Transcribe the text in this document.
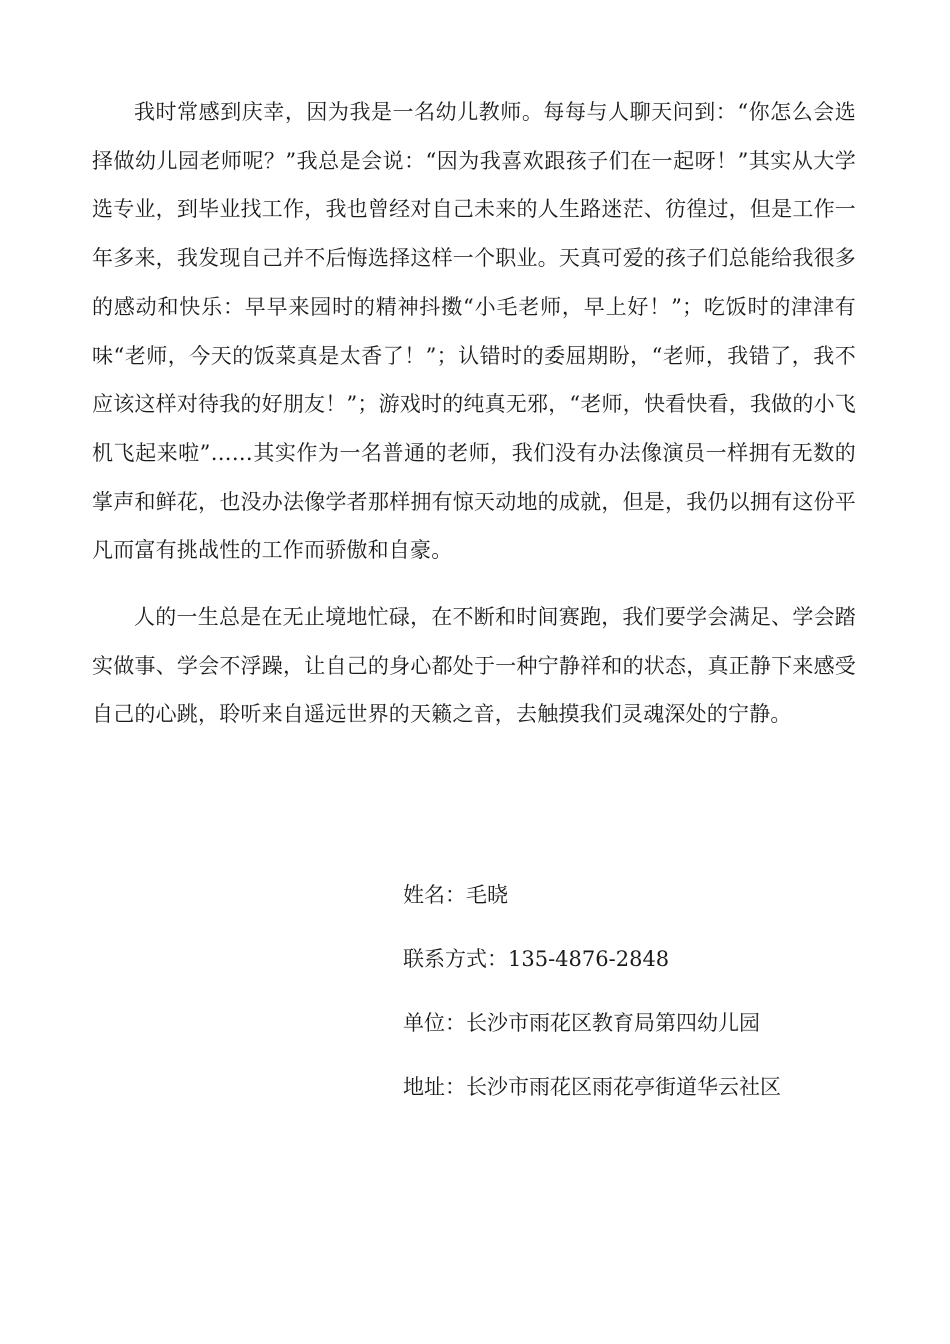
我时常感到庆幸，因为我是一名幼儿教师。每每与人聊天问到：“你怎么会选择做幼儿园老师呢？”我总是会说：“因为我喜欢跟孩子们在一起呀！”其实从大学选专业，到毕业找工作，我也曾经对自己未来的人生路迷茫、彷徨过，但是工作一年多来，我发现自己并不后悔选择这样一个职业。天真可爱的孩子们总能给我很多的感动和快乐：早早来园时的精神抖擞“小毛老师，早上好！”；吃饭时的津津有味“老师，今天的饭菜真是太香了！”；认错时的委屈期盼，“老师，我错了，我不应该这样对待我的好朋友！”；游戏时的纯真无邪，“老师，快看快看，我做的小飞机飞起来啦”……其实作为一名普通的老师，我们没有办法像演员一样拥有无数的掌声和鲜花，也没办法像学者那样拥有惊天动地的成就，但是，我仍以拥有这份平凡而富有挑战性的工作而骄傲和自豪。

人的一生总是在无止境地忙碌，在不断和时间赛跑，我们要学会满足、学会踏实做事、学会不浮躁，让自己的身心都处于一种宁静祥和的状态，真正静下来感受自己的心跳，聆听来自遥远世界的天籁之音，去触摸我们灵魂深处的宁静。

姓名：毛晓
联系方式：135-4876-2848
单位：长沙市雨花区教育局第四幼儿园
地址：长沙市雨花区雨花亭街道华云社区
